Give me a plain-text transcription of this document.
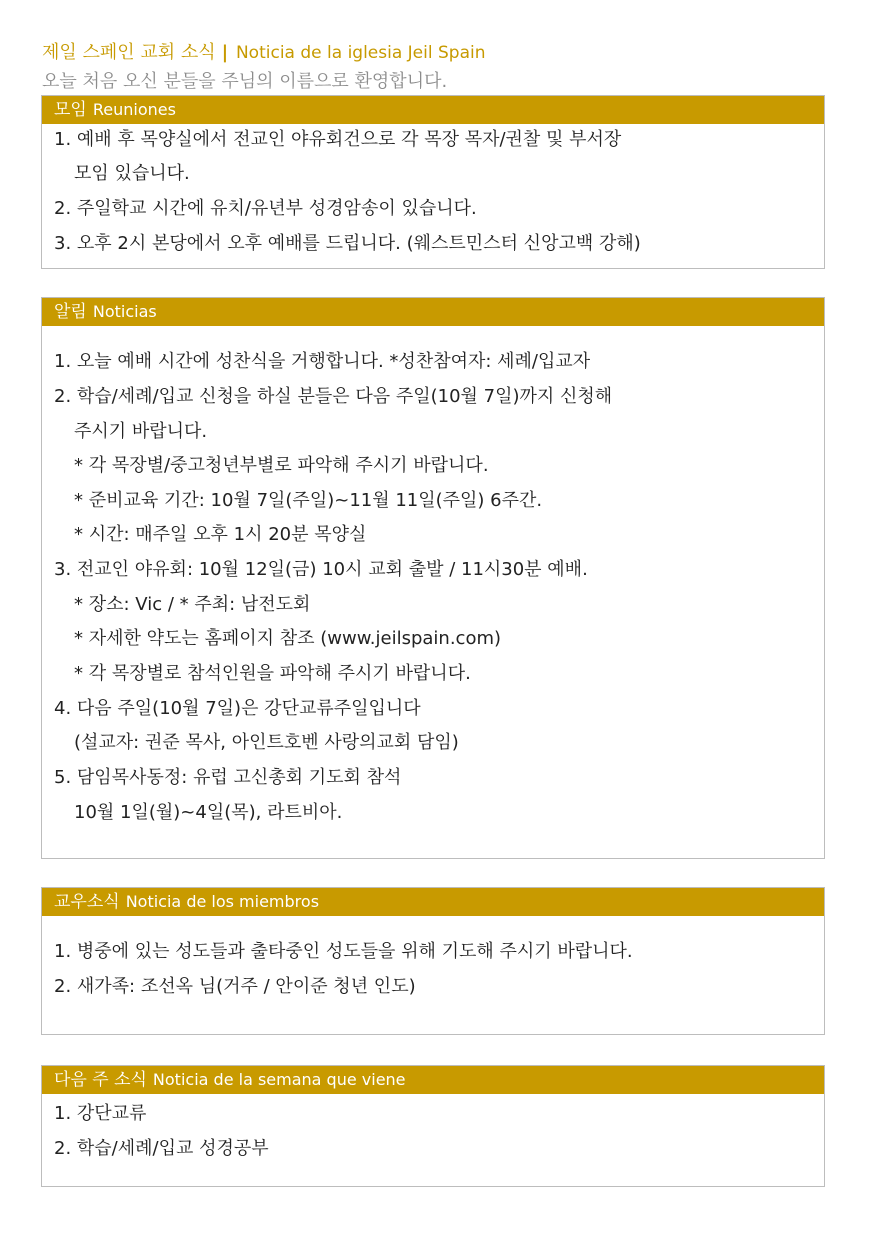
제일 스페인 교회 소식 | Noticia de la iglesia Jeil Spain
오늘 처음 오신 분들을 주님의 이름으로 환영합니다.
모임 Reuniones
1. 예배 후 목양실에서 전교인 야유회건으로 각 목장 목자/권찰 및 부서장
모임 있습니다.
2. 주일학교 시간에 유치/유년부 성경암송이 있습니다.
3. 오후 2시 본당에서 오후 예배를 드립니다. (웨스트민스터 신앙고백 강해)
알림 Noticias
1. 오늘 예배 시간에 성찬식을 거행합니다. *성찬참여자: 세례/입교자
2. 학습/세례/입교 신청을 하실 분들은 다음 주일(10월 7일)까지 신청해
주시기 바랍니다.
* 각 목장별/중고청년부별로 파악해 주시기 바랍니다.
* 준비교육 기간: 10월 7일(주일)~11월 11일(주일) 6주간.
* 시간: 매주일 오후 1시 20분 목양실
3. 전교인 야유회: 10월 12일(금) 10시 교회 출발 / 11시30분 예배.
* 장소: Vic / * 주최: 남전도회
* 자세한 약도는 홈페이지 참조 (www.jeilspain.com)
* 각 목장별로 참석인원을 파악해 주시기 바랍니다.
4. 다음 주일(10월 7일)은 강단교류주일입니다
(설교자: 권준 목사, 아인트호벤 사랑의교회 담임)
5. 담임목사동정: 유럽 고신총회 기도회 참석
10월 1일(월)~4일(목), 라트비아.
교우소식 Noticia de los miembros
1. 병중에 있는 성도들과 출타중인 성도들을 위해 기도해 주시기 바랍니다.
2. 새가족: 조선옥 님(거주 / 안이준 청년 인도)
다음 주 소식 Noticia de la semana que viene
1. 강단교류
2. 학습/세례/입교 성경공부
